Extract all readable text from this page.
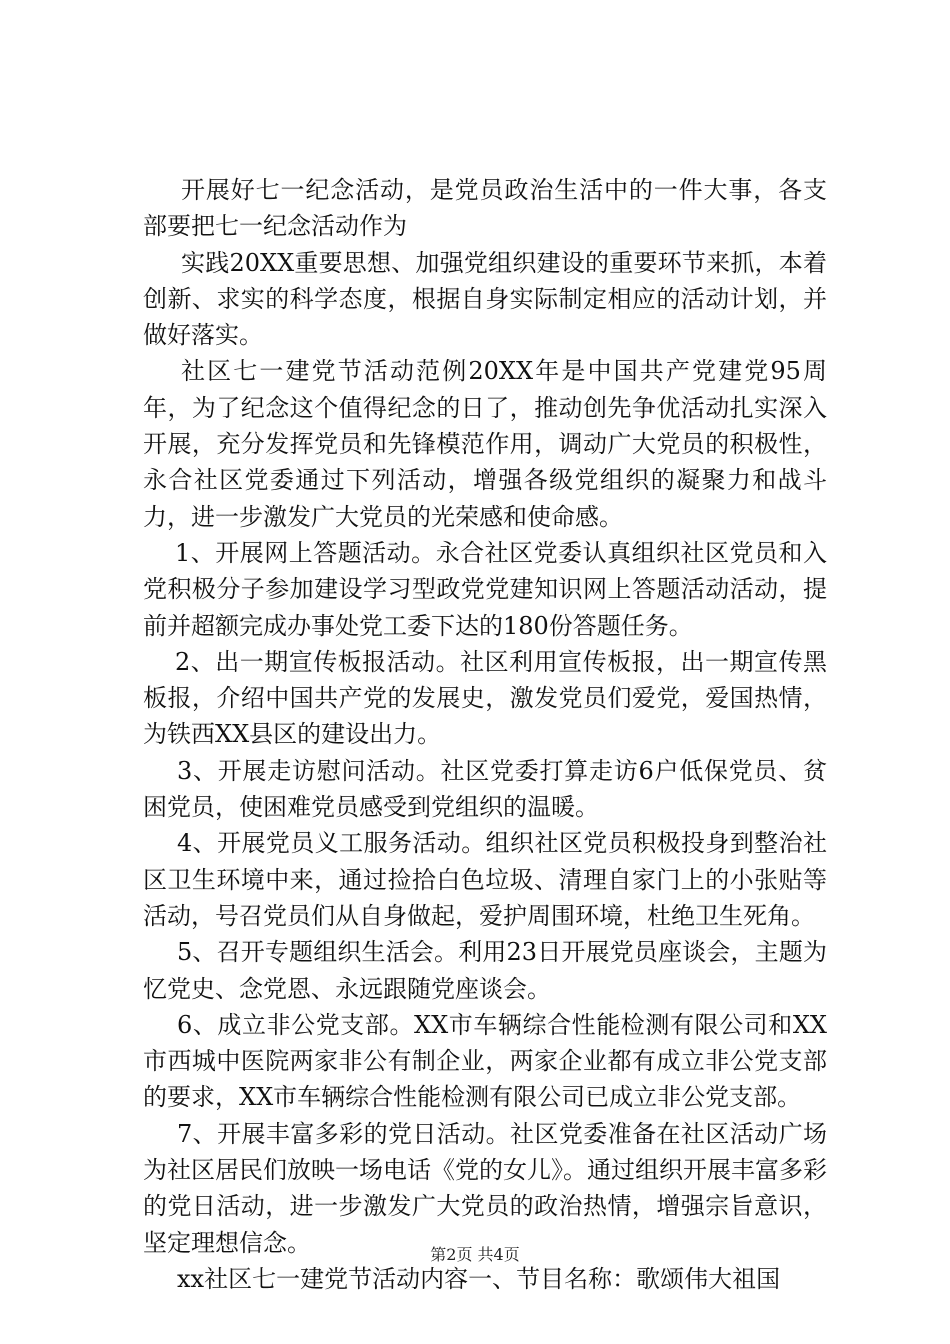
开展好七一纪念活动，是党员政治生活中的一件大事，各支部要把七一纪念活动作为

实践20XX重要思想、加强党组织建设的重要环节来抓，本着创新、求实的科学态度，根据自身实际制定相应的活动计划，并做好落实。

社区七一建党节活动范例20XX年是中国共产党建党95周年，为了纪念这个值得纪念的日了，推动创先争优活动扎实深入开展，充分发挥党员和先锋模范作用，调动广大党员的积极性，永合社区党委通过下列活动，增强各级党组织的凝聚力和战斗力，进一步激发广大党员的光荣感和使命感。

1、开展网上答题活动。永合社区党委认真组织社区党员和入党积极分子参加建设学习型政党党建知识网上答题活动活动，提前并超额完成办事处党工委下达的180份答题任务。

2、出一期宣传板报活动。社区利用宣传板报，出一期宣传黑板报，介绍中国共产党的发展史，激发党员们爱党，爱国热情，为铁西XX县区的建设出力。

3、开展走访慰问活动。社区党委打算走访6户低保党员、贫困党员，使困难党员感受到党组织的温暖。

4、开展党员义工服务活动。组织社区党员积极投身到整治社区卫生环境中来，通过捡拾白色垃圾、清理自家门上的小张贴等活动，号召党员们从自身做起，爱护周围环境，杜绝卫生死角。

5、召开专题组织生活会。利用23日开展党员座谈会，主题为忆党史、念党恩、永远跟随党座谈会。

6、成立非公党支部。XX市车辆综合性能检测有限公司和XX市西城中医院两家非公有制企业，两家企业都有成立非公党支部的要求，XX市车辆综合性能检测有限公司已成立非公党支部。

7、开展丰富多彩的党日活动。社区党委准备在社区活动广场为社区居民们放映一场电话《党的女儿》。通过组织开展丰富多彩的党日活动，进一步激发广大党员的政治热情，增强宗旨意识，坚定理想信念。

xx社区七一建党节活动内容一、节目名称：歌颂伟大祖国

第2页 共4页
